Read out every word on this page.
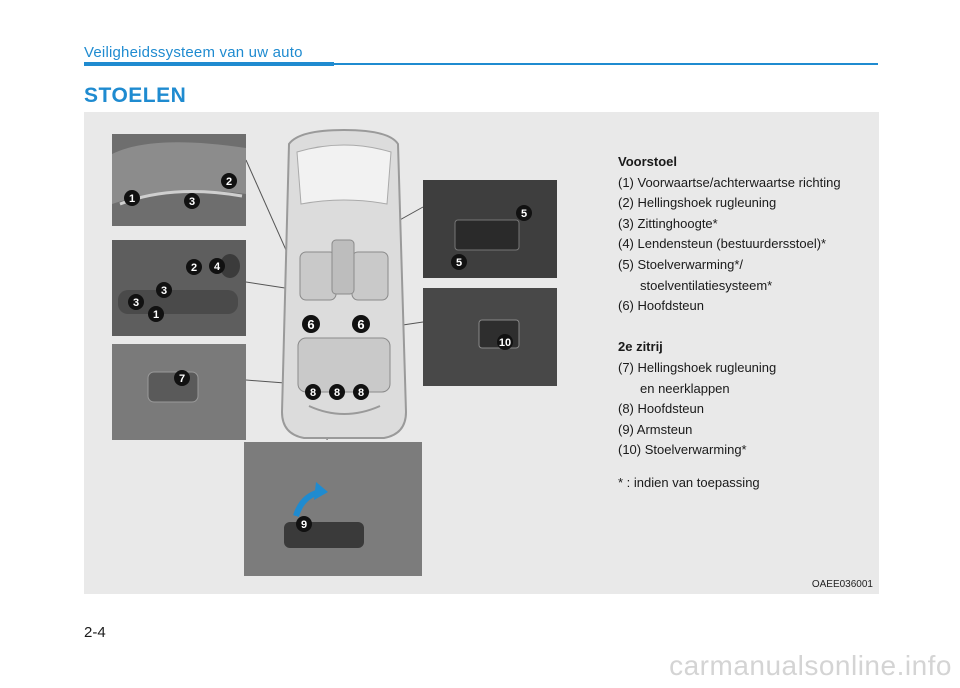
Veiligheidssysteem van uw auto
STOELEN
6	6
8 8 8
1	3
2
2 4
3
3
1
7
5
5
10
9
Voorstoel
(1) Voorwaartse/achterwaartse richting
(2) Hellingshoek rugleuning
(3) Zittinghoogte*
(4) Lendensteun (bestuurdersstoel)*
(5) Stoelverwarming*/
stoelventilatiesysteem*
(6) Hoofdsteun
2e zitrij
(7) Hellingshoek rugleuning
en neerklappen
(8) Hoofdsteun
(9) Armsteun
(10) Stoelverwarming*
* : indien van toepassing
OAEE036001
2-4
carmanualsonline.info
